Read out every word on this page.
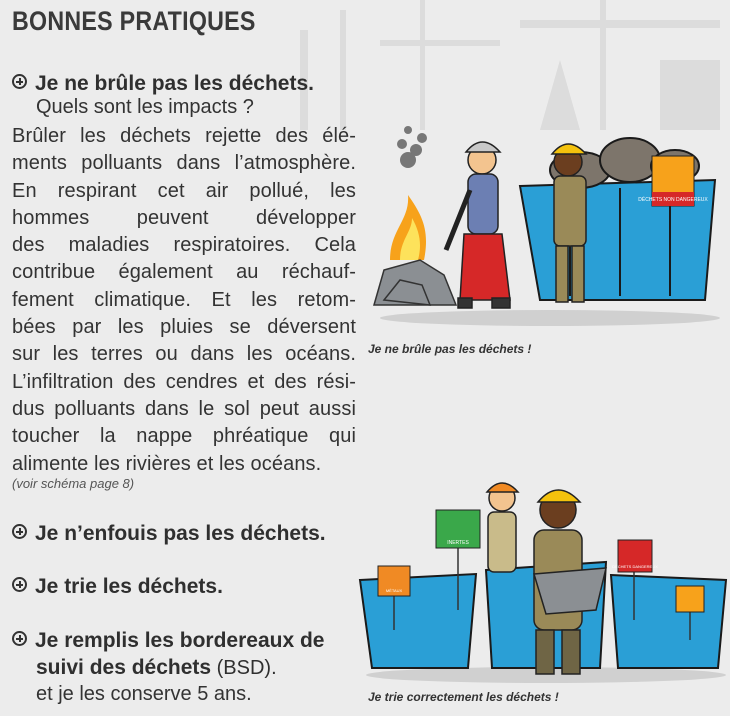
BONNES PRATIQUES
Je ne brûle pas les déchets.
Quels sont les impacts ?
Brûler les déchets rejette des élé-
ments polluants dans l’atmosphère.
En respirant cet air pollué, les
hommes peuvent développer
des maladies respiratoires. Cela
contribue également au réchauf-
fement climatique. Et les retom-
bées par les pluies se déversent
sur les terres ou dans les océans.
L’infiltration des cendres et des rési-
dus polluants dans le sol peut aussi
toucher la nappe phréatique qui
alimente les rivières et les océans.
(voir schéma page 8)
Je n’enfouis pas les déchets.
Je trie les déchets.
Je remplis les bordereaux de
suivi des déchets (BSD).
et je les conserve 5 ans.
DÉCHETS NON DANGEREUX
Je ne brûle pas les déchets !
INERTES
MÉTAUX
DÉCHETS DANGEREUX
Je trie correctement les déchets !
